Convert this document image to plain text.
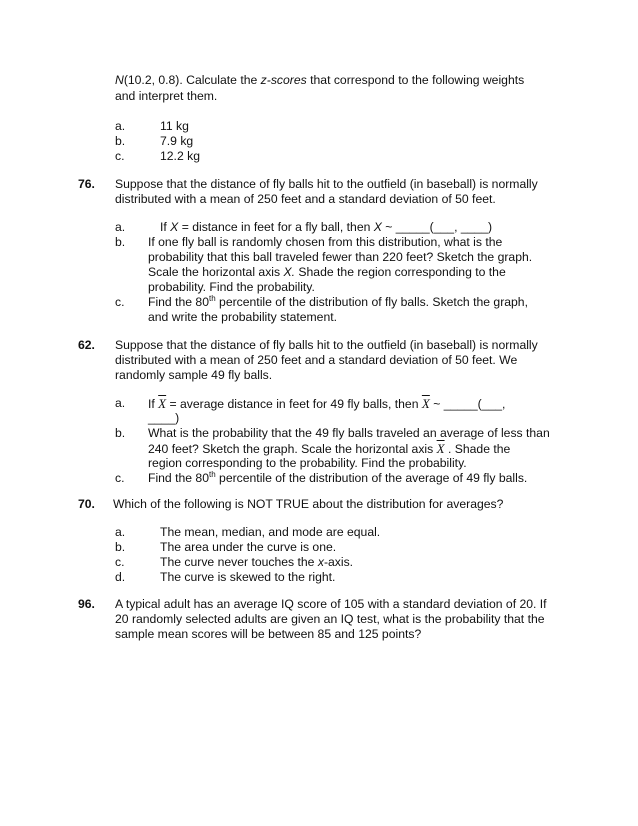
N(10.2, 0.8). Calculate the z-scores that correspond to the following weights
and interpret them.
a.	11 kg
b.	7.9 kg
c.	12.2 kg
76. Suppose that the distance of fly balls hit to the outfield (in baseball) is normally
distributed with a mean of 250 feet and a standard deviation of 50 feet.
a.	If X = distance in feet for a fly ball, then X ~ _____(___, ____)
b. If one fly ball is randomly chosen from this distribution, what is the
probability that this ball traveled fewer than 220 feet? Sketch the graph.
Scale the horizontal axis X. Shade the region corresponding to the
probability. Find the probability.
c. Find the 80th percentile of the distribution of fly balls. Sketch the graph,
and write the probability statement.
62. Suppose that the distance of fly balls hit to the outfield (in baseball) is normally
distributed with a mean of 250 feet and a standard deviation of 50 feet. We
randomly sample 49 fly balls.
a. If $\overline{X}$ = average distance in feet for 49 fly balls, then $\overline{X}$ ~ _____(___,
____)
b. What is the probability that the 49 fly balls traveled an average of less than
240 feet? Sketch the graph. Scale the horizontal axis $\overline{X}$ . Shade the
region corresponding to the probability. Find the probability.
c. Find the 80th percentile of the distribution of the average of 49 fly balls.
70. Which of the following is NOT TRUE about the distribution for averages?
a.	The mean, median, and mode are equal.
b.	The area under the curve is one.
c.	The curve never touches the x-axis.
d.	The curve is skewed to the right.
96. A typical adult has an average IQ score of 105 with a standard deviation of 20. If
20 randomly selected adults are given an IQ test, what is the probability that the
sample mean scores will be between 85 and 125 points?
